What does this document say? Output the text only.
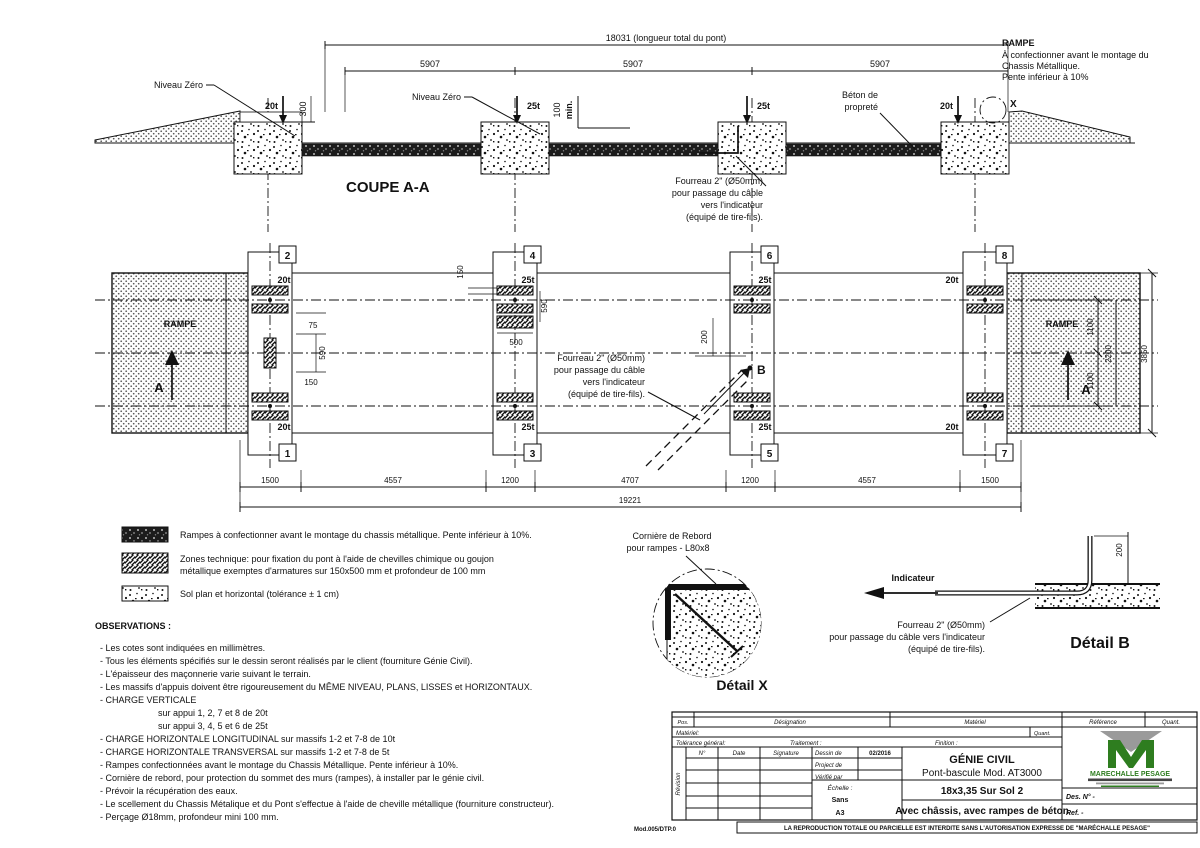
18031 (longueur total du pont)
5907	5907	5907
Niveau Zéro
Niveau Zéro
20t 300	25t 100 min.	25t	20t
Béton de
propreté	X
RAMPE
À confectionner avant le montage du
Chassis Métallique.
Pente inférieur à 10%
COUPE A-A	Fourreau 2" (Ø50mm)
pour passage du câble
vers l'indicateur
(équipé de tire-fils).
RAMPE	RAMPE
2	4	6	8
1	3	5	7
20t
20t
25t
25t
25t
25t
20t
20t
75
590
150
150
590
500	200
B
Fourreau 2" (Ø50mm)
pour passage du câble
vers l'indicateur
(équipé de tire-fils).
A	A
1100
1100
2200	3850
1500	4557	1200	4707	1200	4557	1500
19221
Rampes à confectionner avant le montage du chassis métallique. Pente inférieur à 10%.
Zones technique: pour fixation du pont à l'aide de chevilles chimique ou goujon
métallique exemptes d'armatures sur 150x500 mm et profondeur de 100 mm
Sol plan et horizontal (tolérance ± 1 cm)
Cornière de Rebord
pour rampes - L80x8
Détail X
200
Indicateur
Fourreau 2" (Ø50mm)
pour passage du câble vers l'indicateur
(équipé de tire-fils).	Détail B
OBSERVATIONS :
- Les cotes sont indiquées en millimètres.
- Tous les éléments spécifiés sur le dessin seront réalisés par le client (fourniture Génie Civil).
- L'épaisseur des maçonnerie varie suivant le terrain.
- Les massifs d'appuis doivent être rigoureusement du MÊME NIVEAU, PLANS, LISSES et HORIZONTAUX.
- CHARGE VERTICALE
sur appui 1, 2, 7 et 8 de 20t
sur appui 3, 4, 5 et 6 de 25t
- CHARGE HORIZONTALE LONGITUDINAL sur massifs 1-2 et 7-8 de 10t
- CHARGE HORIZONTALE TRANSVERSAL sur massifs 1-2 et 7-8 de 5t
- Rampes confectionnées avant le montage du Chassis Métallique. Pente inférieur à 10%.
- Cornière de rebord, pour protection du sommet des murs (rampes), à installer par le génie civil.
- Prévoir la récupération des eaux.
- Le scellement du Chassis Métalique et du Pont s'effectue à l'aide de cheville métallique (fourniture constructeur).
- Perçage Ø18mm, profondeur mini 100 mm.
Pos.	Désignation	Matériel	Référence	Quant.
Matériel:	Quant.
Tolérance général:	Traitement :	Finition :
Révision
N°	Date	Signature	Dessin de	02/2016
Project de
Vérifié par
Échelle :
Sans
A3
GÉNIE CIVIL
Pont-bascule Mod. AT3000
18x3,35 Sur Sol 2
Avec châssis, avec rampes de béton
MARECHALLE PESAGE
Des. N° -
Ref. -
Mod.005/DTP.0	LA REPRODUCTION TOTALE OU PARCIELLE EST INTERDITE SANS L'AUTORISATION EXPRESSE DE "MARÉCHALLE PESAGE"
